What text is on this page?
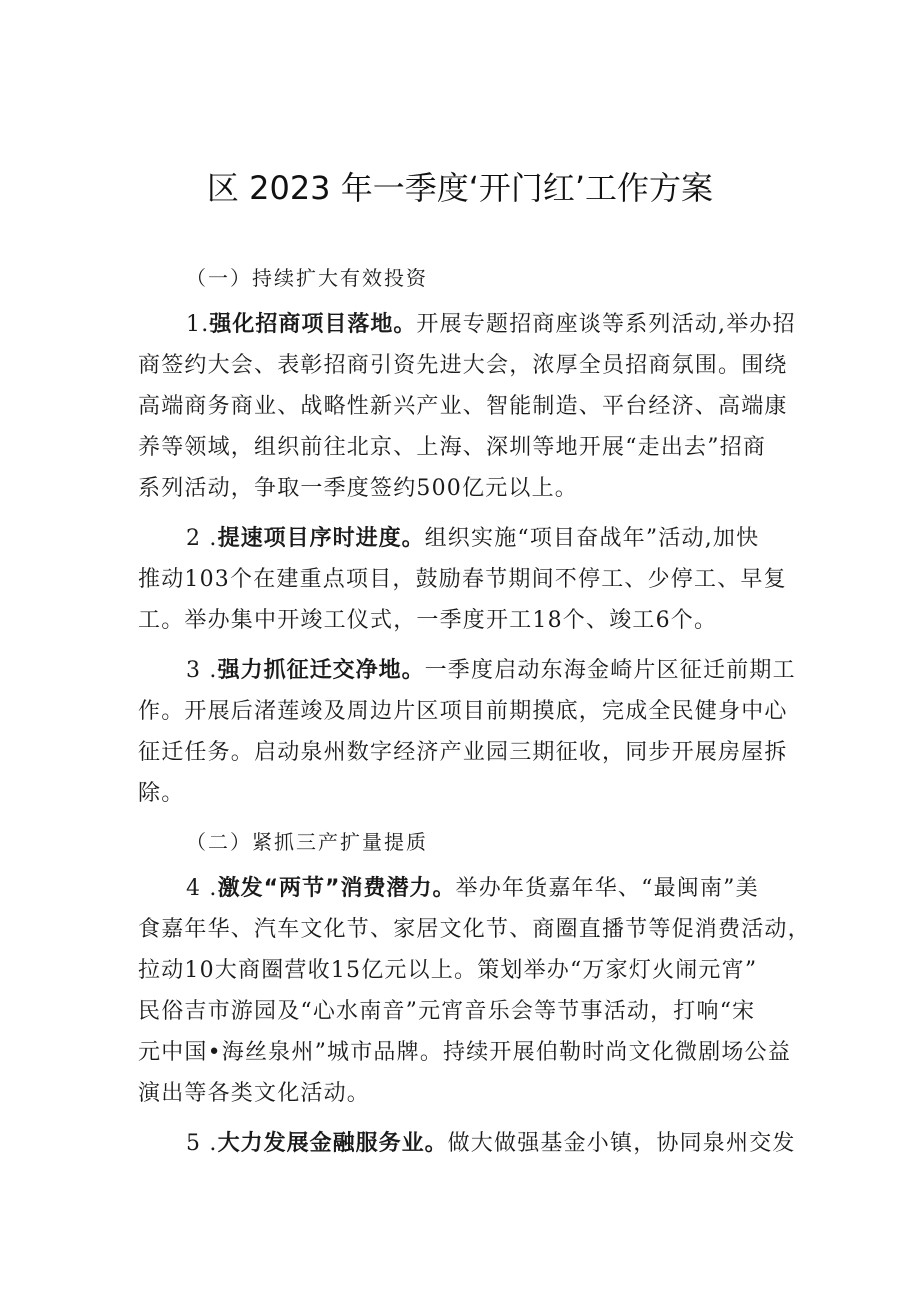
区 2023 年一季度‘开门红’工作方案
（一）持续扩大有效投资
1.强化招商项目落地。开展专题招商座谈等系列活动,举办招
商签约大会、表彰招商引资先进大会，浓厚全员招商氛围。围绕
高端商务商业、战略性新兴产业、智能制造、平台经济、高端康
养等领域，组织前往北京、上海、深圳等地开展“走出去”招商
系列活动，争取一季度签约500亿元以上。
2 .提速项目序时进度。组织实施“项目奋战年”活动,加快
推动103个在建重点项目，鼓励春节期间不停工、少停工、早复
工。举办集中开竣工仪式，一季度开工18个、竣工6个。
3 .强力抓征迁交净地。一季度启动东海金崎片区征迁前期工
作。开展后渚莲竣及周边片区项目前期摸底，完成全民健身中心
征迁任务。启动泉州数字经济产业园三期征收，同步开展房屋拆
除。
（二）紧抓三产扩量提质
4 .激发“两节”消费潜力。举办年货嘉年华、“最闽南”美
食嘉年华、汽车文化节、家居文化节、商圈直播节等促消费活动，
拉动10大商圈营收15亿元以上。策划举办“万家灯火闹元宵”
民俗吉市游园及“心水南音”元宵音乐会等节事活动，打响“宋
元中国•海丝泉州”城市品牌。持续开展伯勒时尚文化微剧场公益
演出等各类文化活动。
5 .大力发展金融服务业。做大做强基金小镇，协同泉州交发
